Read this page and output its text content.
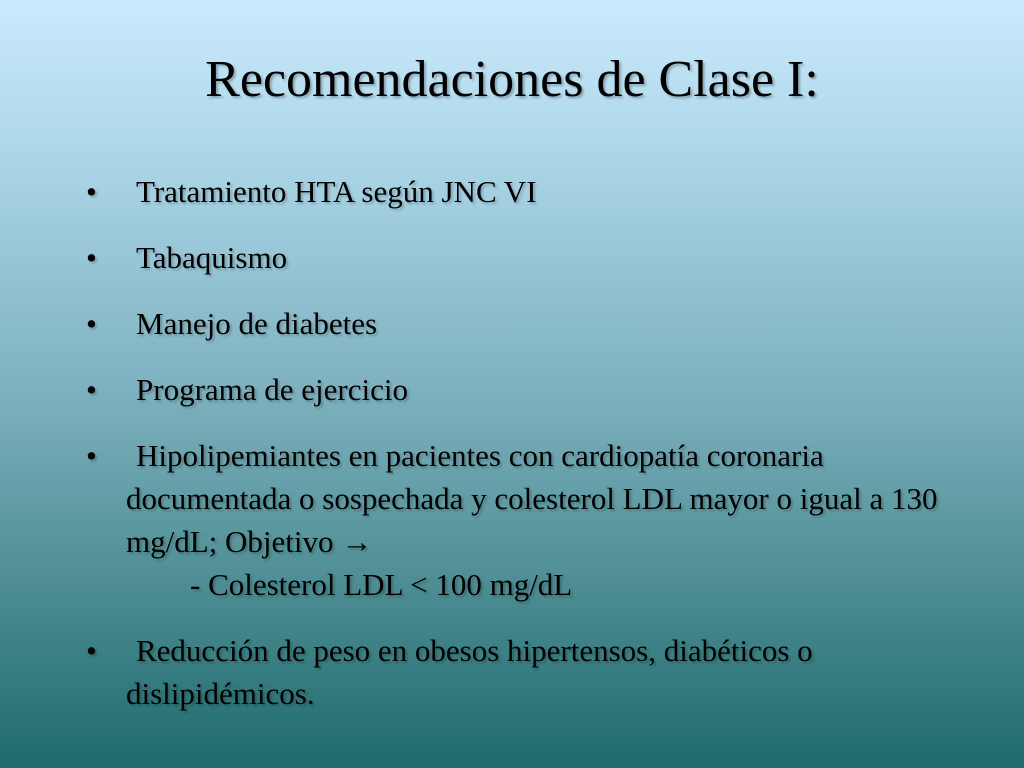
Recomendaciones de Clase I:
•	Tratamiento HTA según JNC VI
•	Tabaquismo
•	Manejo de diabetes
•	Programa de ejercicio
•	Hipolipemiantes en pacientes con cardiopatía coronaria documentada o sospechada y colesterol LDL mayor o igual a 130 mg/dL; Objetivo →
- Colesterol LDL < 100 mg/dL
•	Reducción de peso en obesos hipertensos, diabéticos o dislipidémicos.
